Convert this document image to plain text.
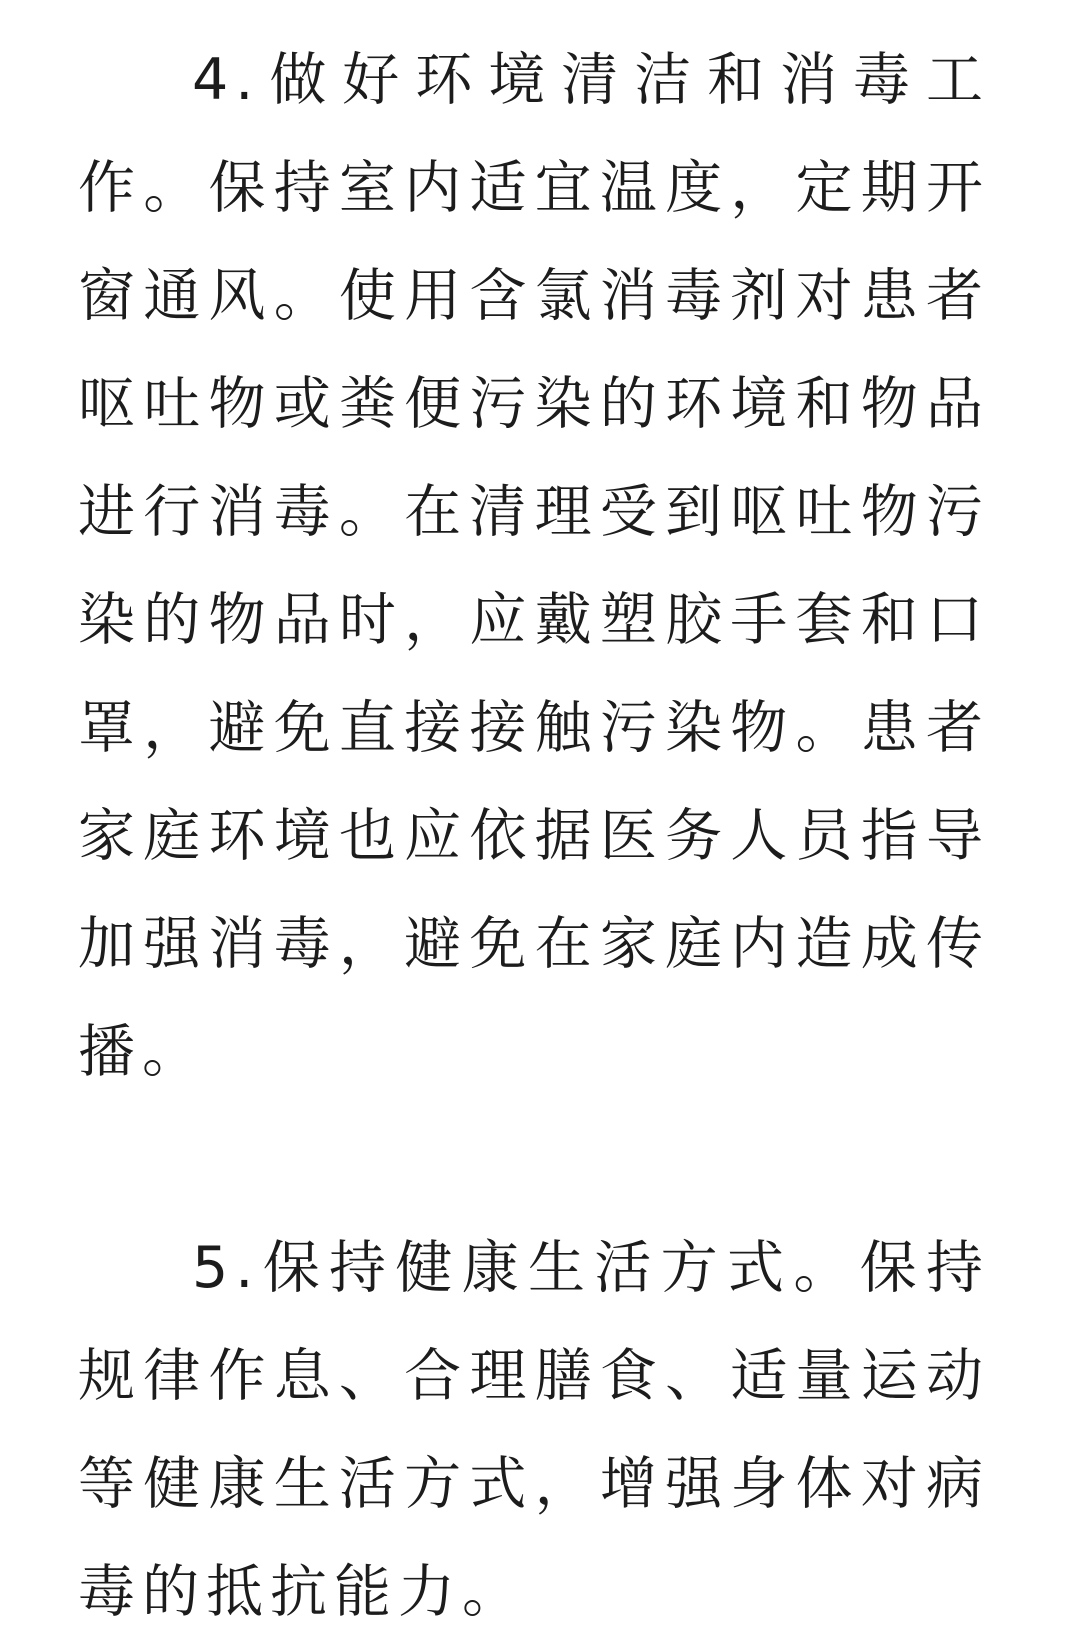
4.做好环境清洁和消毒工作。保持室内适宜温度，定期开窗通风。使用含氯消毒剂对患者呕吐物或粪便污染的环境和物品进行消毒。在清理受到呕吐物污染的物品时，应戴塑胶手套和口罩，避免直接接触污染物。患者家庭环境也应依据医务人员指导加强消毒，避免在家庭内造成传播。

5.保持健康生活方式。保持规律作息、合理膳食、适量运动等健康生活方式，增强身体对病毒的抵抗能力。
